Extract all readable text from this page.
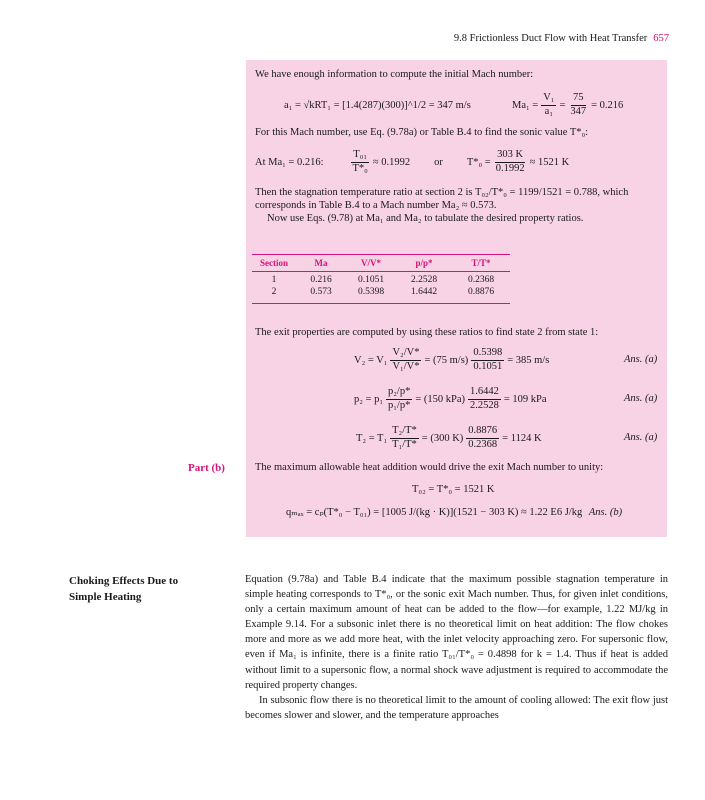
9.8 Frictionless Duct Flow with Heat Transfer 657
We have enough information to compute the initial Mach number:
a₁ = √kRT₁ = [1.4(287)(300)]^1/2 = 347 m/s	$Ma_1 = \frac{\text{V₁}}{\text{a₁}} = \frac{75}{347} = 0.216$
For this Mach number, use Eq. (9.78a) or Table B.4 to find the sonic value T*₀:
At Ma₁ = 0.216:	$\frac{\text{T₀₁}}{\text{T*₀}} \approx 0.1992$ or $T*_0 = \frac{303 K}{0.1992} \approx 1521$ K
Then the stagnation temperature ratio at section 2 is T₀₂/T*₀ = 1199/1521 = 0.788, which
corresponds in Table B.4 to a Mach number Ma₂ ≈ 0.573.
Now use Eqs. (9.78) at Ma₁ and Ma₂ to tabulate the desired property ratios.
Section	Ma	V/V*	p/p*	T/T*
1	0.216	0.1051	2.2528	0.2368
2	0.573	0.5398	1.6442	0.8876
The exit properties are computed by using these ratios to find state 2 from state 1:
$V_2 = V_1 \frac{\text{V₂/V*}}{\text{V₁/V*}} = (75$ $m/s) \frac{0.5398}{0.1051} = 385$ m/s	Ans. (a)
$p_2 = p_1 \frac{\text{p₂/p*}}{\text{p₁/p*}} = (150$ $kPa) \frac{1.6442}{2.2528} = 109$ kPa	Ans. (a)
$T_2 = T_1 \frac{\text{T₂/T*}}{\text{T₁/T*}} = (300$ $K) \frac{0.8876}{0.2368} = 1124$ K	Ans. (a)
The maximum allowable heat addition would drive the exit Mach number to unity:
T₀₂ = T*₀ = 1521 K
qₘₐₓ = cₚ(T*₀ − T₀₁) = [1005 J/(kg · K)](1521 − 303 K) ≈ 1.22 E6 J/kg Ans. (b)
Part (b)
Choking Effects Due to
Simple Heating

Equation (9.78a) and Table B.4 indicate that the maximum possible stagnation temperature in simple heating corresponds to T*₀, or the sonic exit Mach number. Thus, for given inlet conditions, only a certain maximum amount of heat can be added to the flow—for example, 1.22 MJ/kg in Example 9.14. For a subsonic inlet there is no theoretical limit on heat addition: The flow chokes more and more as we add more heat, with the inlet velocity approaching zero. For supersonic flow, even if Ma₁ is infinite, there is a finite ratio T₀₁/T*₀ = 0.4898 for k = 1.4. Thus if heat is added without limit to a supersonic flow, a normal shock wave adjustment is required to accommodate the required property changes.

In subsonic flow there is no theoretical limit to the amount of cooling allowed: The exit flow just becomes slower and slower, and the temperature approaches
